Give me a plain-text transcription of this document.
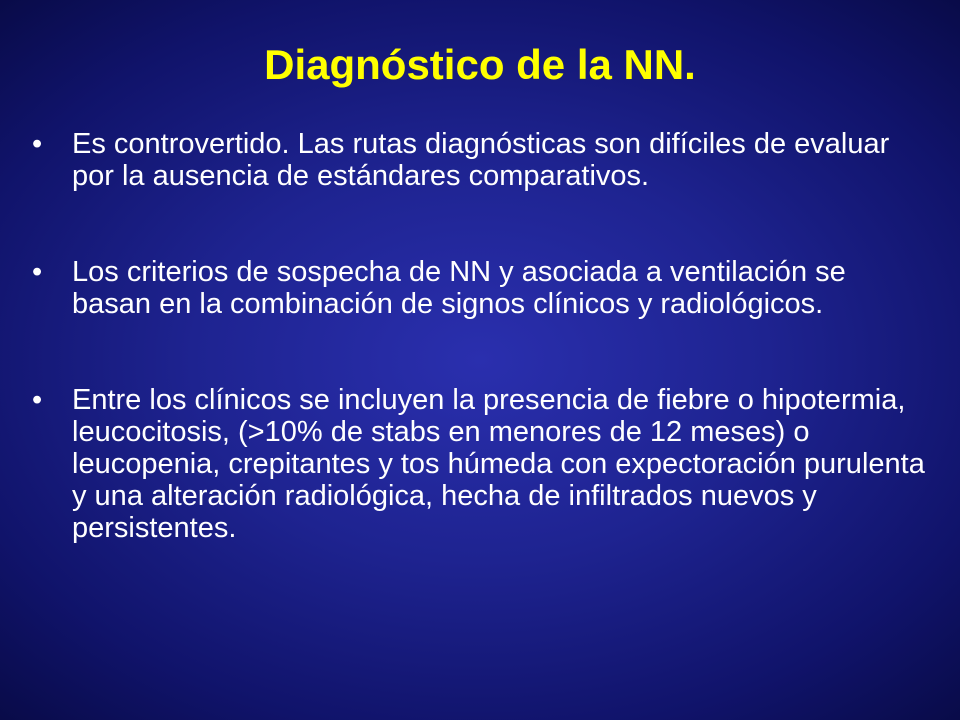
Diagnóstico de la NN.
• Es controvertido. Las rutas diagnósticas son difíciles de evaluar por la ausencia de estándares comparativos.
• Los criterios de sospecha de NN y asociada a ventilación se basan en la combinación de signos clínicos y radiológicos.
• Entre los clínicos se incluyen la presencia de fiebre o hipotermia, leucocitosis, (>10% de stabs en menores de 12 meses) o leucopenia, crepitantes y tos húmeda con expectoración purulenta y una alteración radiológica, hecha de infiltrados nuevos y persistentes.
